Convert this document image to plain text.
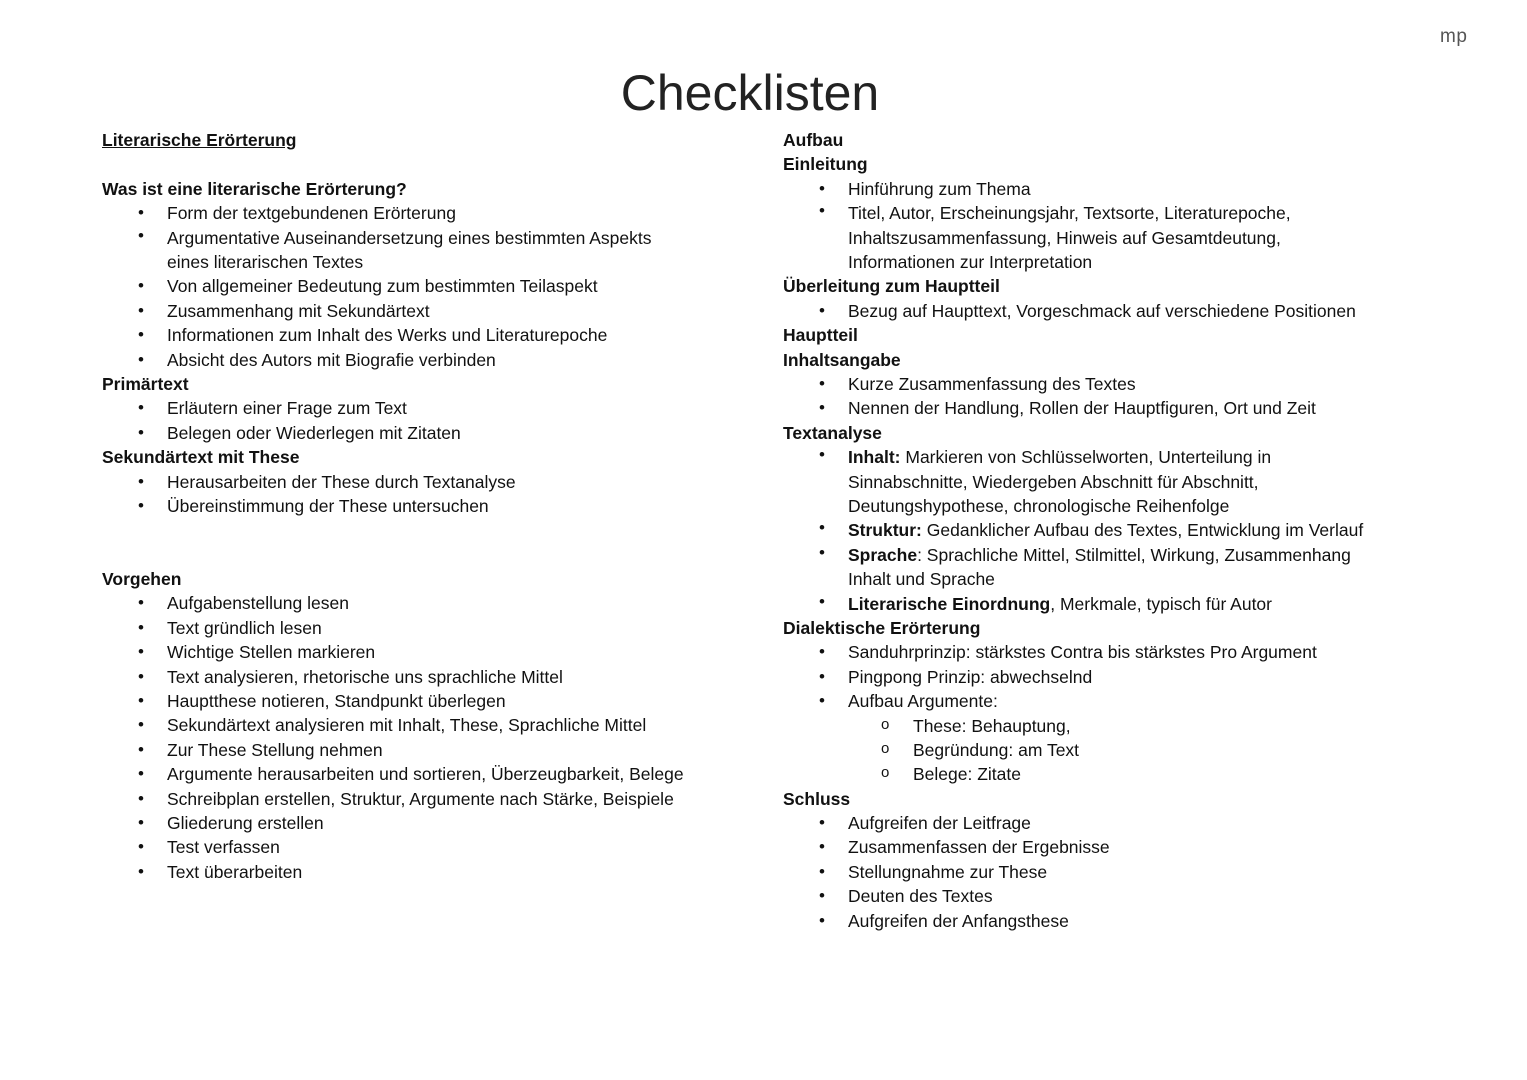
mp
Checklisten
Literarische Erörterung
Was ist eine literarische Erörterung?
• Form der textgebundenen Erörterung
• Argumentative Auseinandersetzung eines bestimmten Aspekts
eines literarischen Textes
• Von allgemeiner Bedeutung zum bestimmten Teilaspekt
• Zusammenhang mit Sekundärtext
• Informationen zum Inhalt des Werks und Literaturepoche
• Absicht des Autors mit Biografie verbinden
Primärtext
• Erläutern einer Frage zum Text
• Belegen oder Wiederlegen mit Zitaten
Sekundärtext mit These
• Herausarbeiten der These durch Textanalyse
• Übereinstimmung der These untersuchen
Vorgehen
• Aufgabenstellung lesen
• Text gründlich lesen
• Wichtige Stellen markieren
• Text analysieren, rhetorische uns sprachliche Mittel
• Hauptthese notieren, Standpunkt überlegen
• Sekundärtext analysieren mit Inhalt, These, Sprachliche Mittel
• Zur These Stellung nehmen
• Argumente herausarbeiten und sortieren, Überzeugbarkeit, Belege
• Schreibplan erstellen, Struktur, Argumente nach Stärke, Beispiele
• Gliederung erstellen
• Test verfassen
• Text überarbeiten
Aufbau
Einleitung
• Hinführung zum Thema
• Titel, Autor, Erscheinungsjahr, Textsorte, Literaturepoche,
Inhaltszusammenfassung, Hinweis auf Gesamtdeutung,
Informationen zur Interpretation
Überleitung zum Hauptteil
• Bezug auf Haupttext, Vorgeschmack auf verschiedene Positionen
Hauptteil
Inhaltsangabe
• Kurze Zusammenfassung des Textes
• Nennen der Handlung, Rollen der Hauptfiguren, Ort und Zeit
Textanalyse
• Inhalt: Markieren von Schlüsselworten, Unterteilung in
Sinnabschnitte, Wiedergeben Abschnitt für Abschnitt,
Deutungshypothese, chronologische Reihenfolge
• Struktur: Gedanklicher Aufbau des Textes, Entwicklung im Verlauf
• Sprache: Sprachliche Mittel, Stilmittel, Wirkung, Zusammenhang
Inhalt und Sprache
• Literarische Einordnung, Merkmale, typisch für Autor
Dialektische Erörterung
• Sanduhrprinzip: stärkstes Contra bis stärkstes Pro Argument
• Pingpong Prinzip: abwechselnd
• Aufbau Argumente:
o These: Behauptung,
o Begründung: am Text
o Belege: Zitate
Schluss
• Aufgreifen der Leitfrage
• Zusammenfassen der Ergebnisse
• Stellungnahme zur These
• Deuten des Textes
• Aufgreifen der Anfangsthese
